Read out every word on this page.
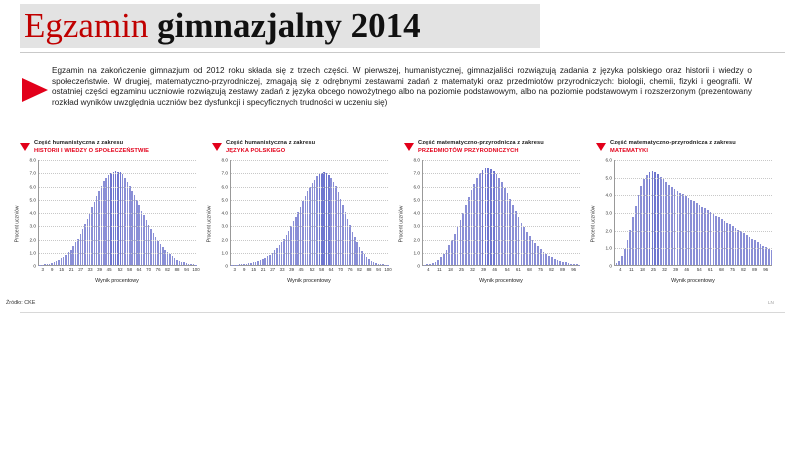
Egzamin gimnazjalny 2014
Egzamin na zakończenie gimnazjum od 2012 roku składa się z trzech części. W pierwszej, humanistycznej, gimnazjaliści rozwiązują zadania z języka polskiego oraz historii i wiedzy o społeczeństwie. W drugiej, matematyczno-przyrodniczej, zmagają się z odrębnymi zestawami zadań z matematyki oraz przedmiotów przyrodniczych: biologii, chemii, fizyki i geografii. W ostatniej części egzaminu uczniowie rozwiązują zestawy zadań z języka obcego nowożytnego albo na poziomie podstawowym, albo na poziomie podstawowym i rozszerzonym (prezentowany rozkład wyników uwzględnia uczniów bez dysfunkcji i specyficznych trudności w uczeniu się)
Część humanistyczna z zakresu
HISTORII I WIEDZY O SPOŁECZEŃSTWIE
Procent uczniów
0
1.0
2.0
3.0
4.0
5.0
6.0
7.0
8.0
3 9 15 21 27 33 39 45 52 58 64 70 76 82 88 94 100
Wynik procentowy
Część humanistyczna z zakresu
JĘZYKA POLSKIEGO
Procent uczniów
0
1.0
2.0
3.0
4.0
5.0
6.0
7.0
8.0
3 9 15 21 27 33 39 45 52 58 64 70 76 82 88 94 100
Wynik procentowy
Część matematyczno-przyrodnicza z zakresu
PRZEDMIOTÓW PRZYRODNICZYCH
Procent uczniów
0
1.0
2.0
3.0
4.0
5.0
6.0
7.0
8.0
4 11 18 25 32 39 46 54 61 68 75 82 89 96
Wynik procentowy
Część matematyczno-przyrodnicza z zakresu
MATEMATYKI
Procent uczniów
0
1.0
2.0
3.0
4.0
5.0
6.0
4 11 18 25 32 39 46 54 61 68 75 82 89 96
Wynik procentowy
Źródło: CKE	LN
